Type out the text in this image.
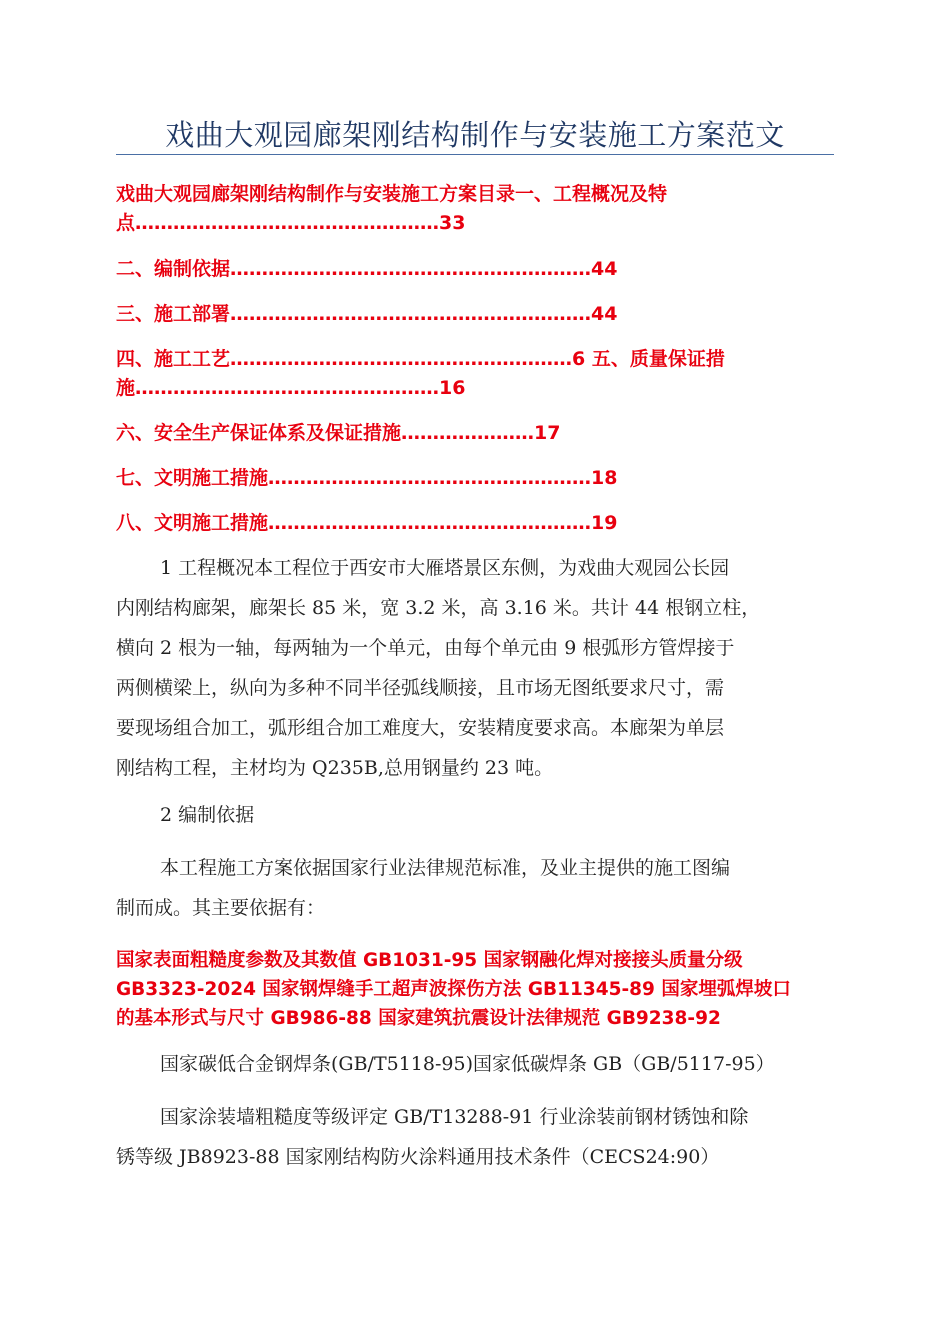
戏曲大观园廊架刚结构制作与安装施工方案范文
戏曲大观园廊架刚结构制作与安装施工方案目录一、工程概况及特
点…………………………………………33
二、编制依据…………………………………………………44
三、施工部署…………………………………………………44
四、施工工艺………………………………………………6 五、质量保证措
施…………………………………………16
六、安全生产保证体系及保证措施…………………17
七、文明施工措施……………………………………………18
八、文明施工措施……………………………………………19
1 工程概况本工程位于西安市大雁塔景区东侧，为戏曲大观园公长园
内刚结构廊架，廊架长 85 米，宽 3.2 米，高 3.16 米。共计 44 根钢立柱，
横向 2 根为一轴，每两轴为一个单元，由每个单元由 9 根弧形方管焊接于
两侧横梁上，纵向为多种不同半径弧线顺接，且市场无图纸要求尺寸，需
要现场组合加工，弧形组合加工难度大，安装精度要求高。本廊架为单层
刚结构工程，主材均为 Q235B,总用钢量约 23 吨。
2 编制依据
本工程施工方案依据国家行业法律规范标准，及业主提供的施工图编
制而成。其主要依据有：
国家表面粗糙度参数及其数值 GB1031-95 国家钢融化焊对接接头质量分级
GB3323-2024 国家钢焊缝手工超声波探伤方法 GB11345-89 国家埋弧焊坡口
的基本形式与尺寸 GB986-88 国家建筑抗震设计法律规范 GB9238-92
国家碳低合金钢焊条(GB/T5118-95)国家低碳焊条 GB（GB/5117-95）
国家涂装墙粗糙度等级评定 GB/T13288-91 行业涂装前钢材锈蚀和除
锈等级 JB8923-88 国家刚结构防火涂料通用技术条件（CECS24:90）
